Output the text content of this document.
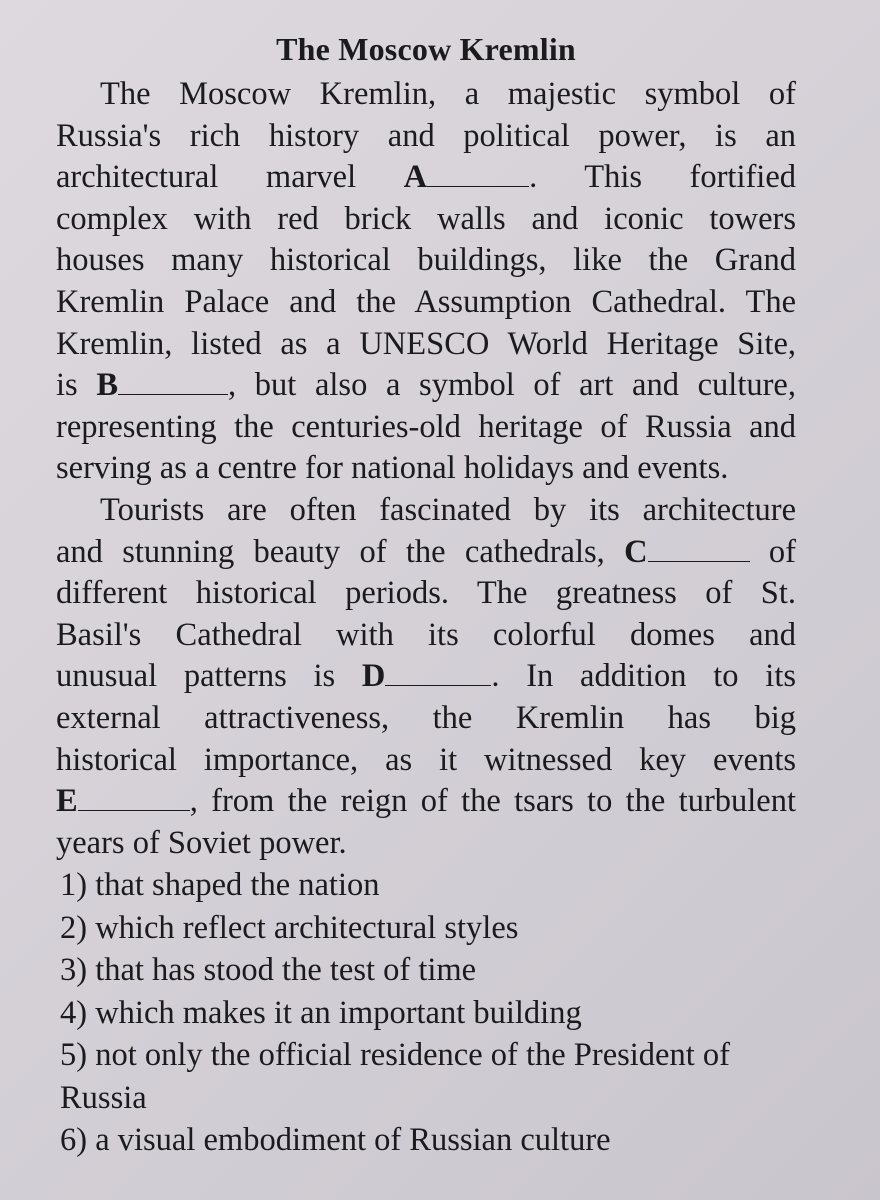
The Moscow Kremlin

The Moscow Kremlin, a majestic symbol of
Russia's rich history and political power, is an
architectural marvel A	. This fortified
complex with red brick walls and iconic towers
houses many historical buildings, like the Grand
Kremlin Palace and the Assumption Cathedral. The
Kremlin, listed as a UNESCO World Heritage Site,
is B	, but also a symbol of art and culture,
representing the centuries-old heritage of Russia and
serving as a centre for national holidays and events.

Tourists are often fascinated by its architecture
and stunning beauty of the cathedrals, C	of
different historical periods. The greatness of St.
Basil's Cathedral with its colorful domes and
unusual patterns is D	. In addition to its
external attractiveness, the Kremlin has big
historical importance, as it witnessed key events
E	, from the reign of the tsars to the turbulent
years of Soviet power.

1) that shaped the nation
2) which reflect architectural styles
3) that has stood the test of time
4) which makes it an important building
5) not only the official residence of the President of
Russia
6) a visual embodiment of Russian culture
